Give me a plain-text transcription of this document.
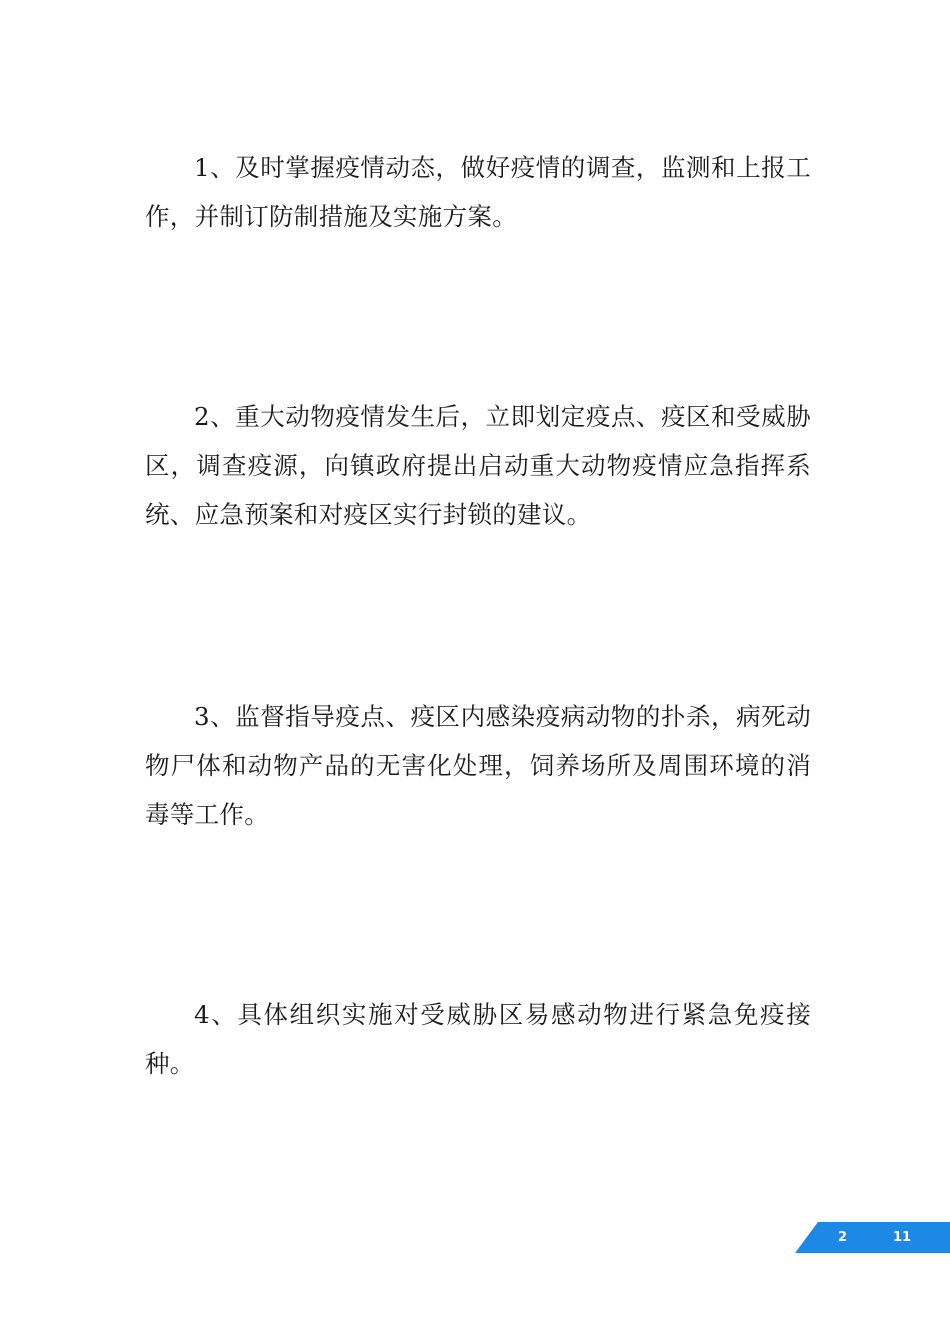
1、及时掌握疫情动态，做好疫情的调查，监测和上报工作，并制订防制措施及实施方案。

2、重大动物疫情发生后，立即划定疫点、疫区和受威胁区，调查疫源，向镇政府提出启动重大动物疫情应急指挥系统、应急预案和对疫区实行封锁的建议。

3、监督指导疫点、疫区内感染疫病动物的扑杀，病死动物尸体和动物产品的无害化处理，饲养场所及周围环境的消毒等工作。

4、具体组织实施对受威胁区易感动物进行紧急免疫接种。

2	11
